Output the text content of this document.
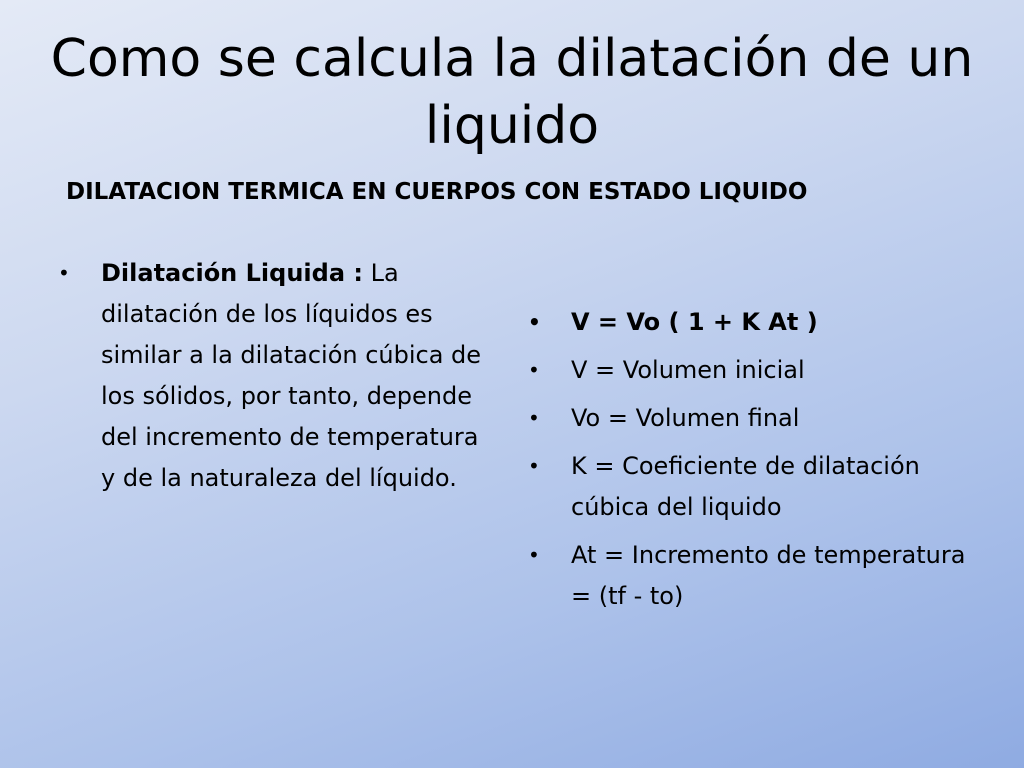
Como se calcula la dilatación de un liquido
DILATACION TERMICA EN CUERPOS CON ESTADO LIQUIDO
•	Dilatación Liquida : La dilatación de los líquidos es similar a la dilatación cúbica de los sólidos, por tanto, depende del incremento de temperatura y de la naturaleza del líquido.
•	V = Vo ( 1 + K At )
•	V = Volumen inicial
•	Vo = Volumen final
•	K = Coeficiente de dilatación cúbica del liquido
•	At = Incremento de temperatura = (tf - to)
